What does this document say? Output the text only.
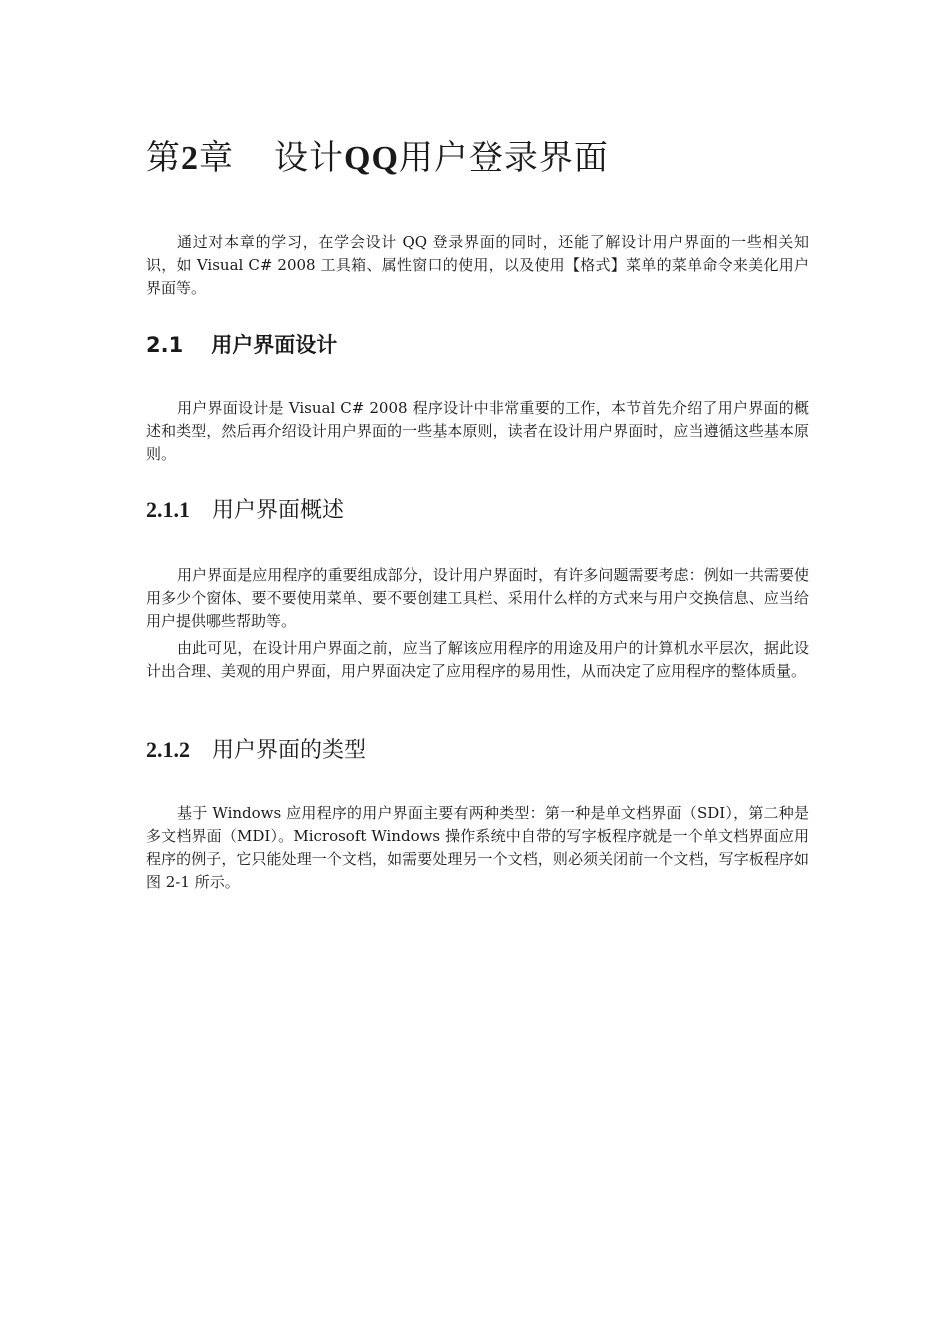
第2章 设计QQ用户登录界面

通过对本章的学习，在学会设计 QQ 登录界面的同时，还能了解设计用户界面的一些相关知识，如 Visual C# 2008 工具箱、属性窗口的使用，以及使用【格式】菜单的菜单命令来美化用户界面等。

2.1 用户界面设计

用户界面设计是 Visual C# 2008 程序设计中非常重要的工作，本节首先介绍了用户界面的概述和类型，然后再介绍设计用户界面的一些基本原则，读者在设计用户界面时，应当遵循这些基本原则。

2.1.1 用户界面概述

用户界面是应用程序的重要组成部分，设计用户界面时，有许多问题需要考虑：例如一共需要使用多少个窗体、要不要使用菜单、要不要创建工具栏、采用什么样的方式来与用户交换信息、应当给用户提供哪些帮助等。

由此可见，在设计用户界面之前，应当了解该应用程序的用途及用户的计算机水平层次，据此设计出合理、美观的用户界面，用户界面决定了应用程序的易用性，从而决定了应用程序的整体质量。

2.1.2 用户界面的类型

基于 Windows 应用程序的用户界面主要有两种类型：第一种是单文档界面（SDI），第二种是多文档界面（MDI）。Microsoft Windows 操作系统中自带的写字板程序就是一个单文档界面应用程序的例子，它只能处理一个文档，如需要处理另一个文档，则必须关闭前一个文档，写字板程序如图 2-1 所示。
